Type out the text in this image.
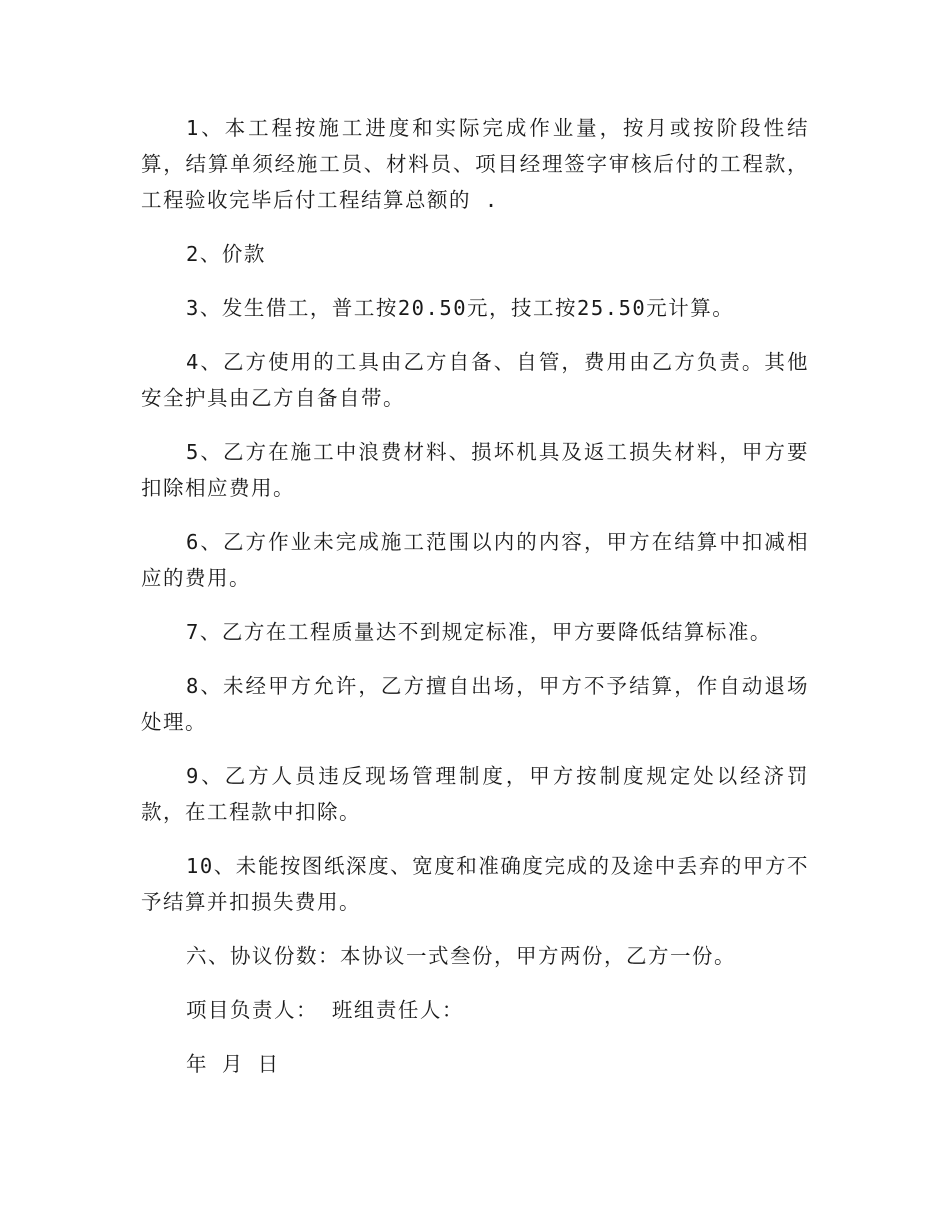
1、本工程按施工进度和实际完成作业量，按月或按阶段性结算，结算单须经施工员、材料员、项目经理签字审核后付的工程款，工程验收完毕后付工程结算总额的 .

2、价款

3、发生借工，普工按20.50元，技工按25.50元计算。

4、乙方使用的工具由乙方自备、自管，费用由乙方负责。其他安全护具由乙方自备自带。

5、乙方在施工中浪费材料、损坏机具及返工损失材料，甲方要扣除相应费用。

6、乙方作业未完成施工范围以内的内容，甲方在结算中扣减相应的费用。

7、乙方在工程质量达不到规定标准，甲方要降低结算标准。

8、未经甲方允许，乙方擅自出场，甲方不予结算，作自动退场处理。

9、乙方人员违反现场管理制度，甲方按制度规定处以经济罚款，在工程款中扣除。

10、未能按图纸深度、宽度和准确度完成的及途中丢弃的甲方不予结算并扣损失费用。

六、协议份数：本协议一式叁份，甲方两份，乙方一份。

项目负责人： 班组责任人：

年 月 日
